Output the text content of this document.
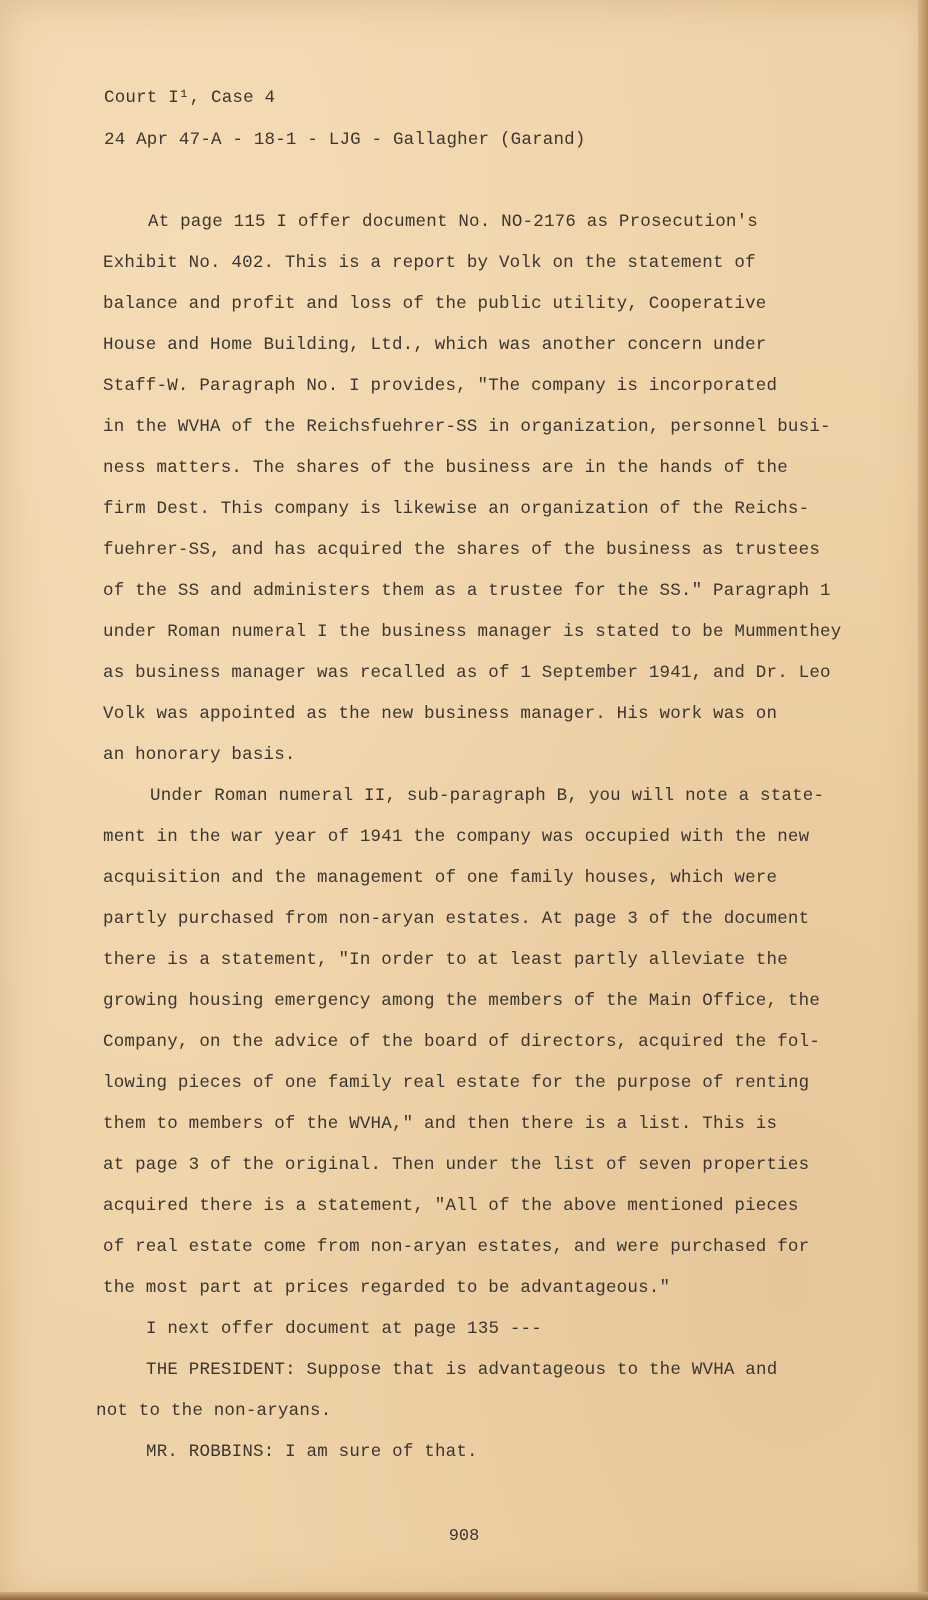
Court I¹, Case 4
24 Apr 47-A - 18-1 - LJG - Gallagher (Garand)
At page 115 I offer document No. NO-2176 as Prosecution's
Exhibit No. 402. This is a report by Volk on the statement of
balance and profit and loss of the public utility, Cooperative
House and Home Building, Ltd., which was another concern under
Staff-W. Paragraph No. I provides, "The company is incorporated
in the WVHA of the Reichsfuehrer-SS in organization, personnel busi-
ness matters. The shares of the business are in the hands of the
firm Dest. This company is likewise an organization of the Reichs-
fuehrer-SS, and has acquired the shares of the business as trustees
of the SS and administers them as a trustee for the SS." Paragraph 1
under Roman numeral I the business manager is stated to be Mummenthey
as business manager was recalled as of 1 September 1941, and Dr. Leo
Volk was appointed as the new business manager. His work was on
an honorary basis.
Under Roman numeral II, sub-paragraph B, you will note a state-
ment in the war year of 1941 the company was occupied with the new
acquisition and the management of one family houses, which were
partly purchased from non-aryan estates. At page 3 of the document
there is a statement, "In order to at least partly alleviate the
growing housing emergency among the members of the Main Office, the
Company, on the advice of the board of directors, acquired the fol-
lowing pieces of one family real estate for the purpose of renting
them to members of the WVHA," and then there is a list. This is
at page 3 of the original. Then under the list of seven properties
acquired there is a statement, "All of the above mentioned pieces
of real estate come from non-aryan estates, and were purchased for
the most part at prices regarded to be advantageous."
I next offer document at page 135 ---
THE PRESIDENT: Suppose that is advantageous to the WVHA and
not to the non-aryans.
MR. ROBBINS: I am sure of that.
908
